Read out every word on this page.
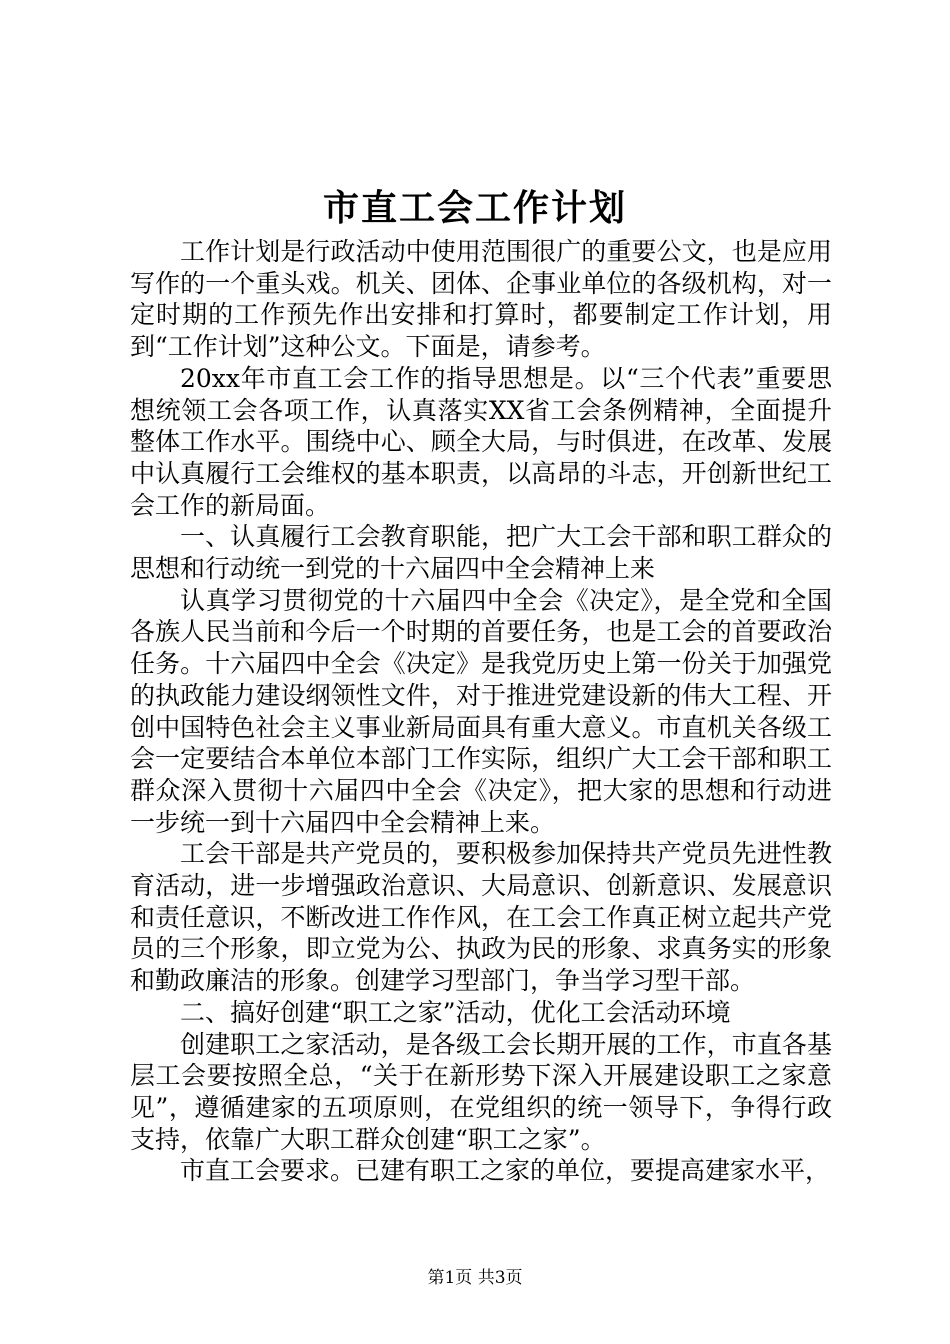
市直工会工作计划

工作计划是行政活动中使用范围很广的重要公文，也是应用写作的一个重头戏。机关、团体、企事业单位的各级机构，对一定时期的工作预先作出安排和打算时，都要制定工作计划，用到“工作计划”这种公文。下面是，请参考。

20xx年市直工会工作的指导思想是。以“三个代表”重要思想统领工会各项工作，认真落实XX省工会条例精神，全面提升整体工作水平。围绕中心、顾全大局，与时俱进，在改革、发展中认真履行工会维权的基本职责，以高昂的斗志，开创新世纪工会工作的新局面。

一、认真履行工会教育职能，把广大工会干部和职工群众的思想和行动统一到党的十六届四中全会精神上来

认真学习贯彻党的十六届四中全会《决定》，是全党和全国各族人民当前和今后一个时期的首要任务，也是工会的首要政治任务。十六届四中全会《决定》是我党历史上第一份关于加强党的执政能力建设纲领性文件，对于推进党建设新的伟大工程、开创中国特色社会主义事业新局面具有重大意义。市直机关各级工会一定要结合本单位本部门工作实际，组织广大工会干部和职工群众深入贯彻十六届四中全会《决定》，把大家的思想和行动进一步统一到十六届四中全会精神上来。

工会干部是共产党员的，要积极参加保持共产党员先进性教育活动，进一步增强政治意识、大局意识、创新意识、发展意识和责任意识，不断改进工作作风，在工会工作真正树立起共产党员的三个形象，即立党为公、执政为民的形象、求真务实的形象和勤政廉洁的形象。创建学习型部门，争当学习型干部。

二、搞好创建“职工之家”活动，优化工会活动环境

创建职工之家活动，是各级工会长期开展的工作，市直各基层工会要按照全总，“关于在新形势下深入开展建设职工之家意见”，遵循建家的五项原则，在党组织的统一领导下，争得行政支持，依靠广大职工群众创建“职工之家”。

市直工会要求。已建有职工之家的单位，要提高建家水平，

第1页 共3页
